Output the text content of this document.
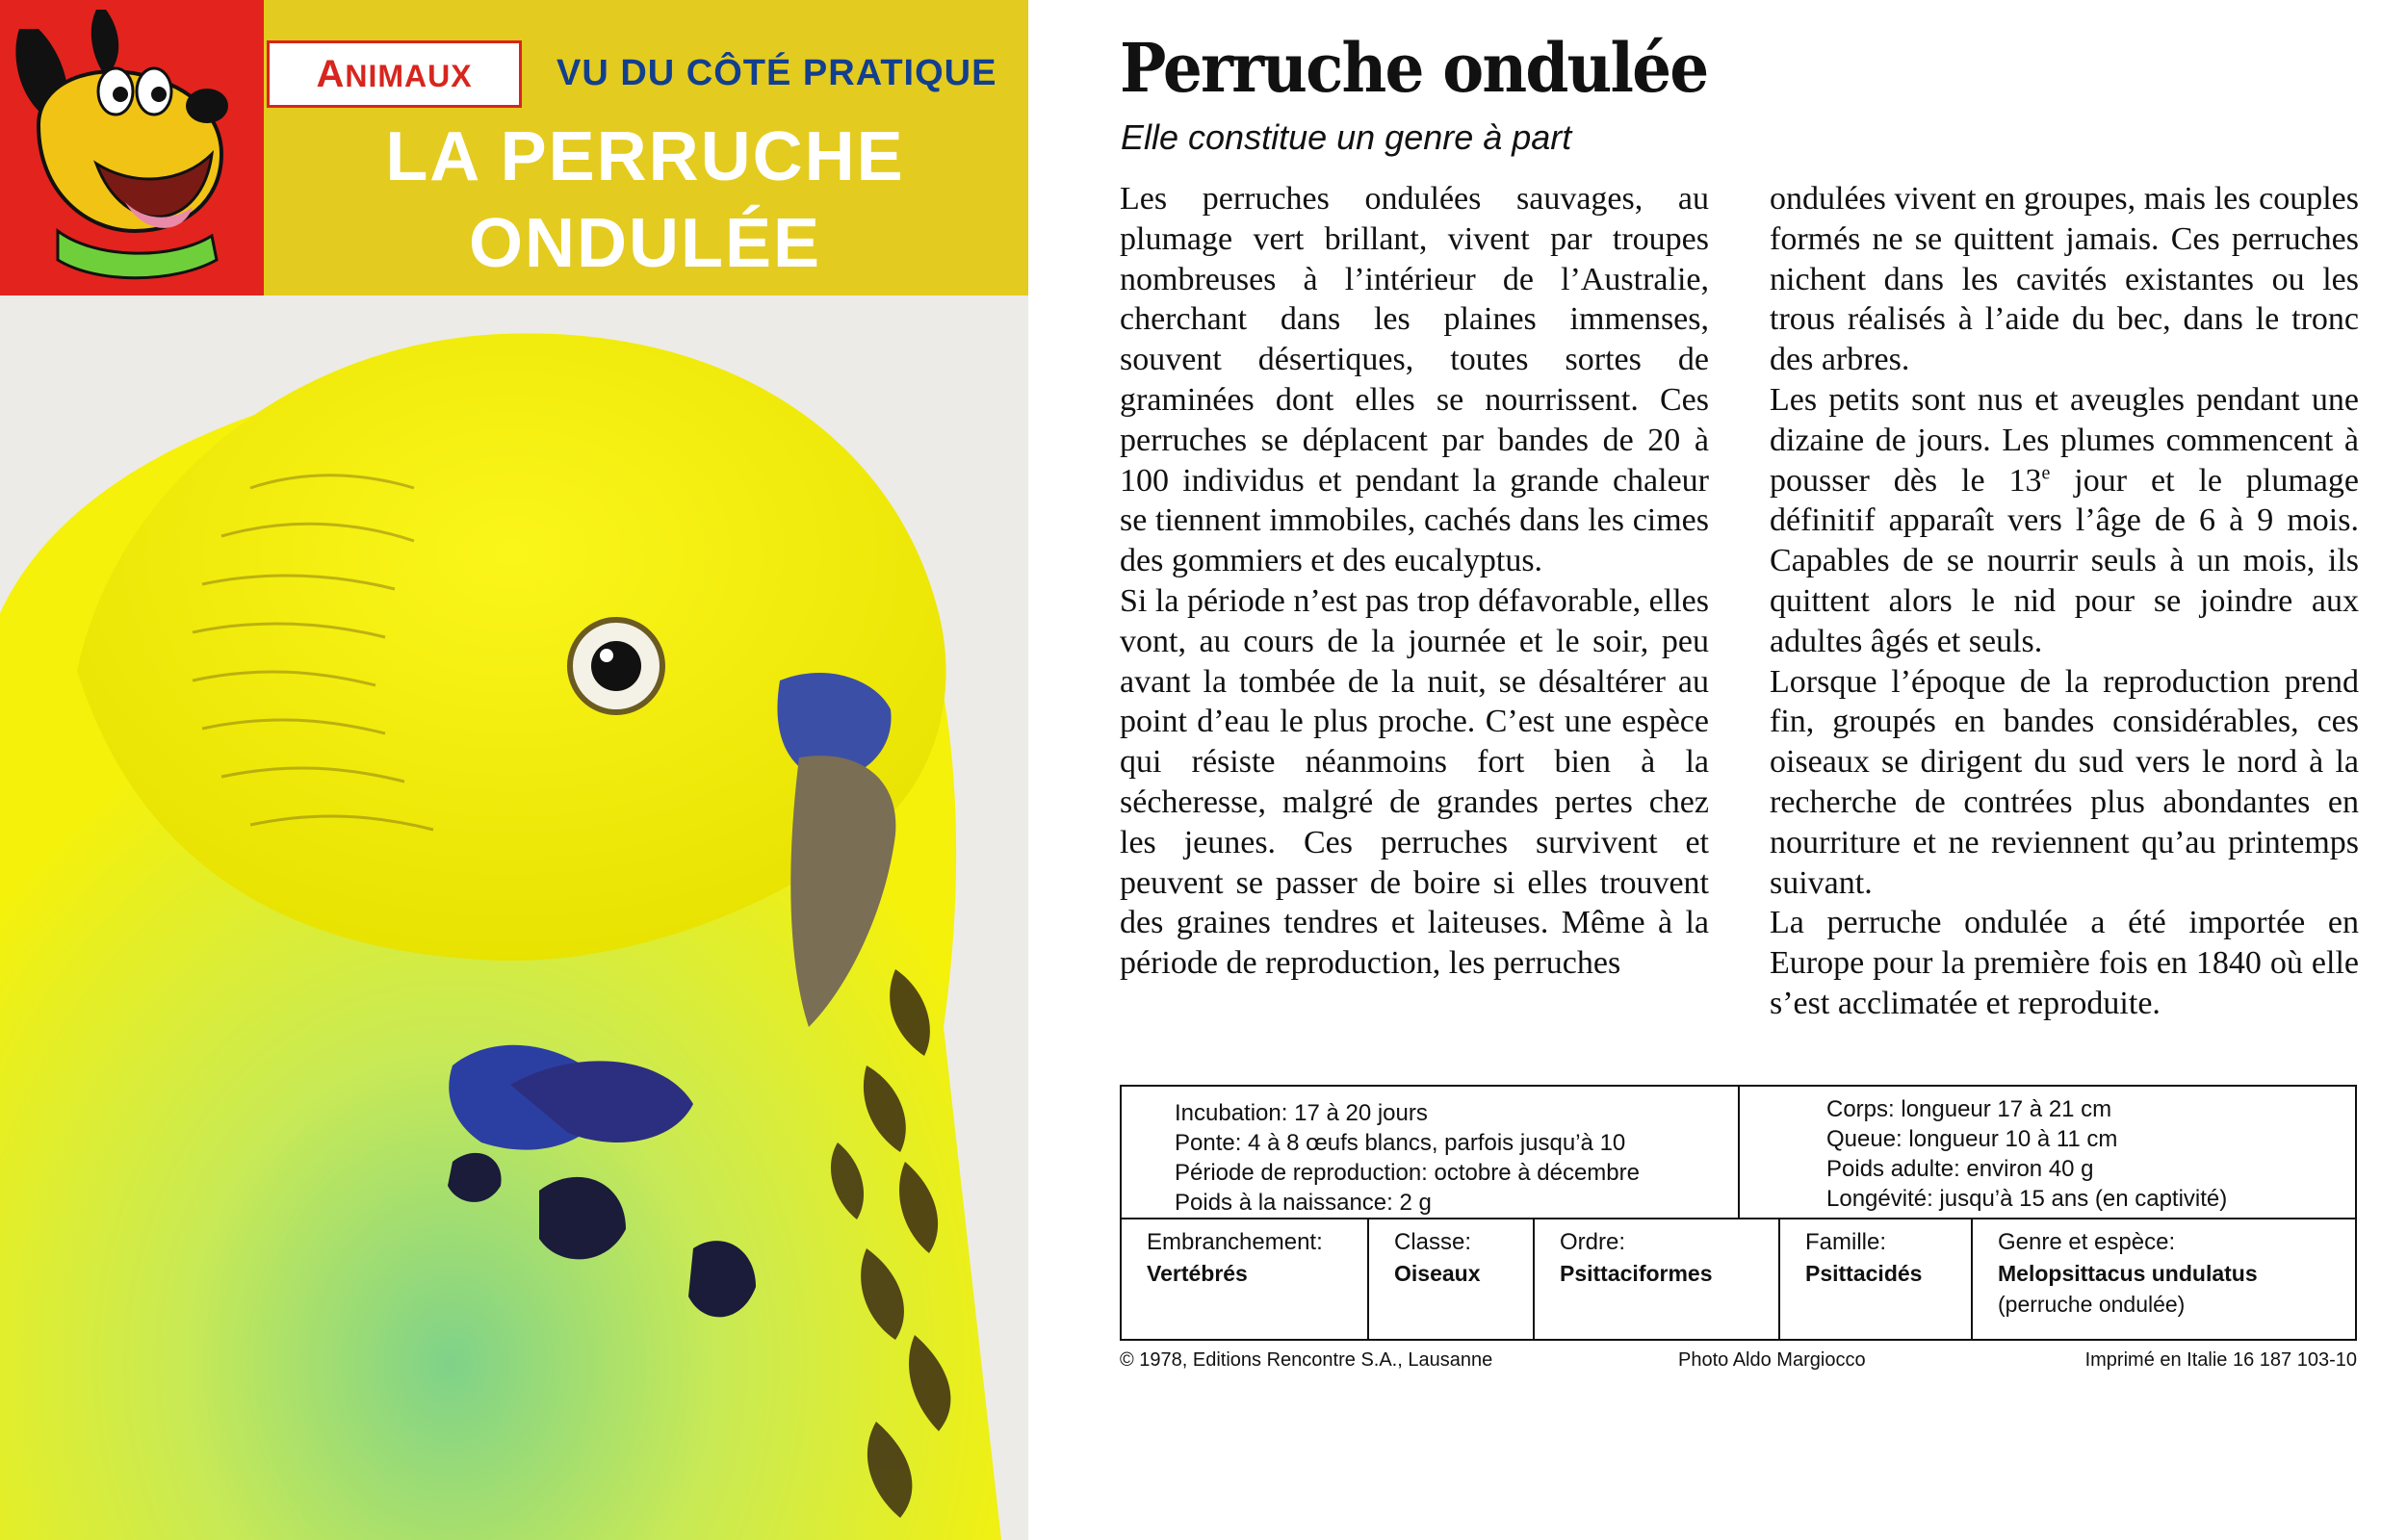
ANIMAUX	VU DU CÔTÉ PRATIQUE
LA PERRUCHE
ONDULÉE
Perruche ondulée
Elle constitue un genre à part

Les perruches ondulées sauvages, au plumage vert brillant, vivent par troupes nombreuses à l’intérieur de l’Australie, cherchant dans les plaines immenses, souvent désertiques, toutes sortes de graminées dont elles se nourrissent. Ces perruches se déplacent par bandes de 20 à 100 individus et pendant la grande chaleur se tiennent immobiles, cachés dans les cimes des gommiers et des eucalyptus.

Si la période n’est pas trop défavorable, elles vont, au cours de la journée et le soir, peu avant la tombée de la nuit, se désaltérer au point d’eau le plus proche. C’est une espèce qui résiste néanmoins fort bien à la sécheresse, malgré de grandes pertes chez les jeunes. Ces perruches survivent et peuvent se passer de boire si elles trouvent des graines tendres et laiteuses. Même à la période de reproduction, les perruches

ondulées vivent en groupes, mais les couples formés ne se quittent jamais. Ces perruches nichent dans les cavités existantes ou les trous réalisés à l’aide du bec, dans le tronc des arbres.

Les petits sont nus et aveugles pendant une dizaine de jours. Les plumes commencent à pousser dès le 13e jour et le plumage définitif apparaît vers l’âge de 6 à 9 mois. Capables de se nourrir seuls à un mois, ils quittent alors le nid pour se joindre aux adultes âgés et seuls.

Lorsque l’époque de la reproduction prend fin, groupés en bandes considérables, ces oiseaux se dirigent du sud vers le nord à la recherche de contrées plus abondantes en nourriture et ne reviennent qu’au printemps suivant.

La perruche ondulée a été importée en Europe pour la première fois en 1840 où elle s’est acclimatée et reproduite.

Incubation: 17 à 20 jours
Ponte: 4 à 8 œufs blancs, parfois jusqu’à 10
Période de reproduction: octobre à décembre
Poids à la naissance: 2 g
Corps: longueur 17 à 21 cm
Queue: longueur 10 à 11 cm
Poids adulte: environ 40 g
Longévité: jusqu’à 15 ans (en captivité)
Embranchement:
Vertébrés
Classe:
Oiseaux
Ordre:
Psittaciformes
Famille:
Psittacidés
Genre et espèce:
Melopsittacus undulatus
(perruche ondulée)
© 1978, Editions Rencontre S.A., Lausanne	Photo Aldo Margiocco	Imprimé en Italie 16 187 103-10
